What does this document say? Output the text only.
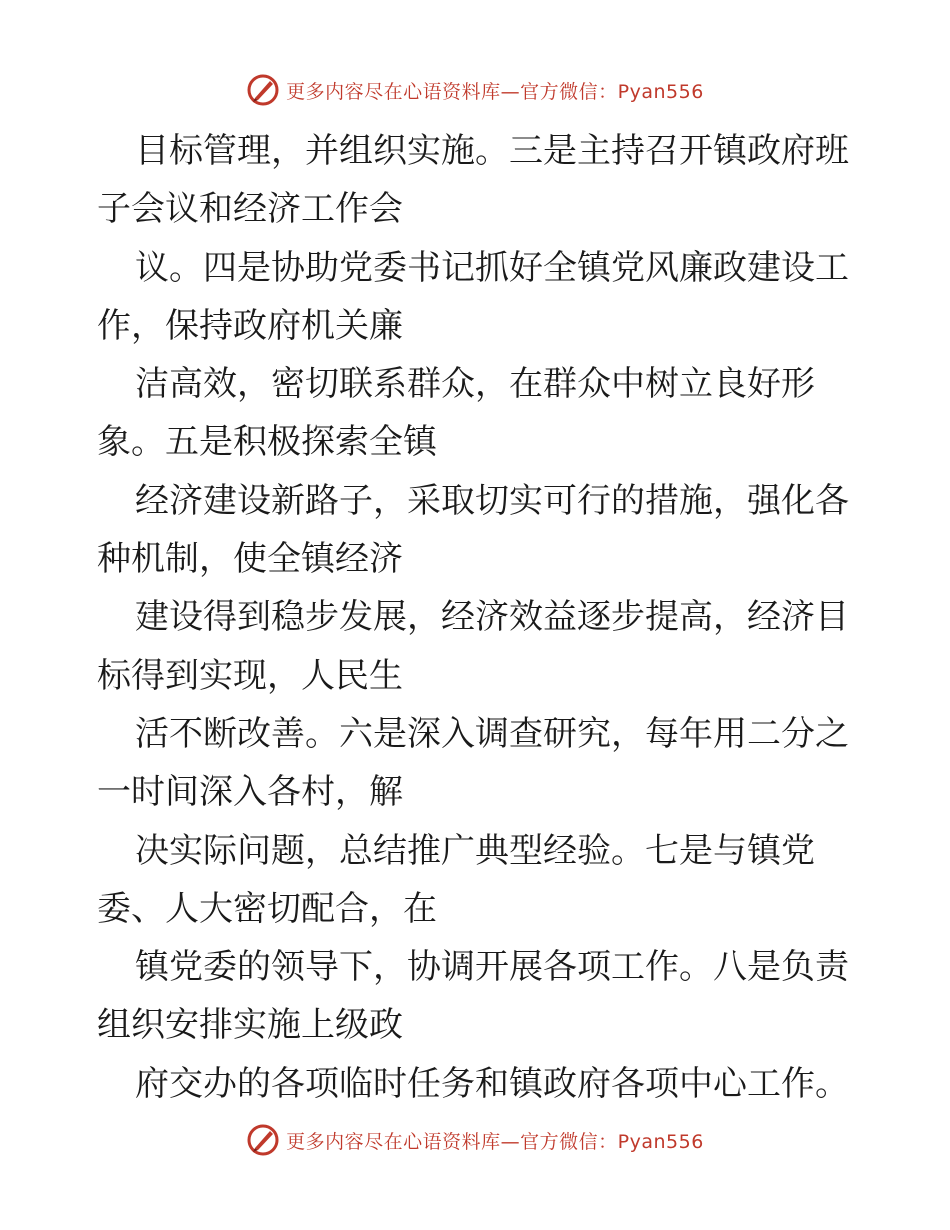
更多内容尽在心语资料库—官方微信：Pyan556
目标管理，并组织实施。三是主持召开镇政府班
子会议和经济工作会
议。四是协助党委书记抓好全镇党风廉政建设工
作，保持政府机关廉
洁高效，密切联系群众，在群众中树立良好形
象。五是积极探索全镇
经济建设新路子，采取切实可行的措施，强化各
种机制，使全镇经济
建设得到稳步发展，经济效益逐步提高，经济目
标得到实现，人民生
活不断改善。六是深入调查研究，每年用二分之
一时间深入各村，解
决实际问题，总结推广典型经验。七是与镇党
委、人大密切配合，在
镇党委的领导下，协调开展各项工作。八是负责
组织安排实施上级政
府交办的各项临时任务和镇政府各项中心工作。
更多内容尽在心语资料库—官方微信：Pyan556
